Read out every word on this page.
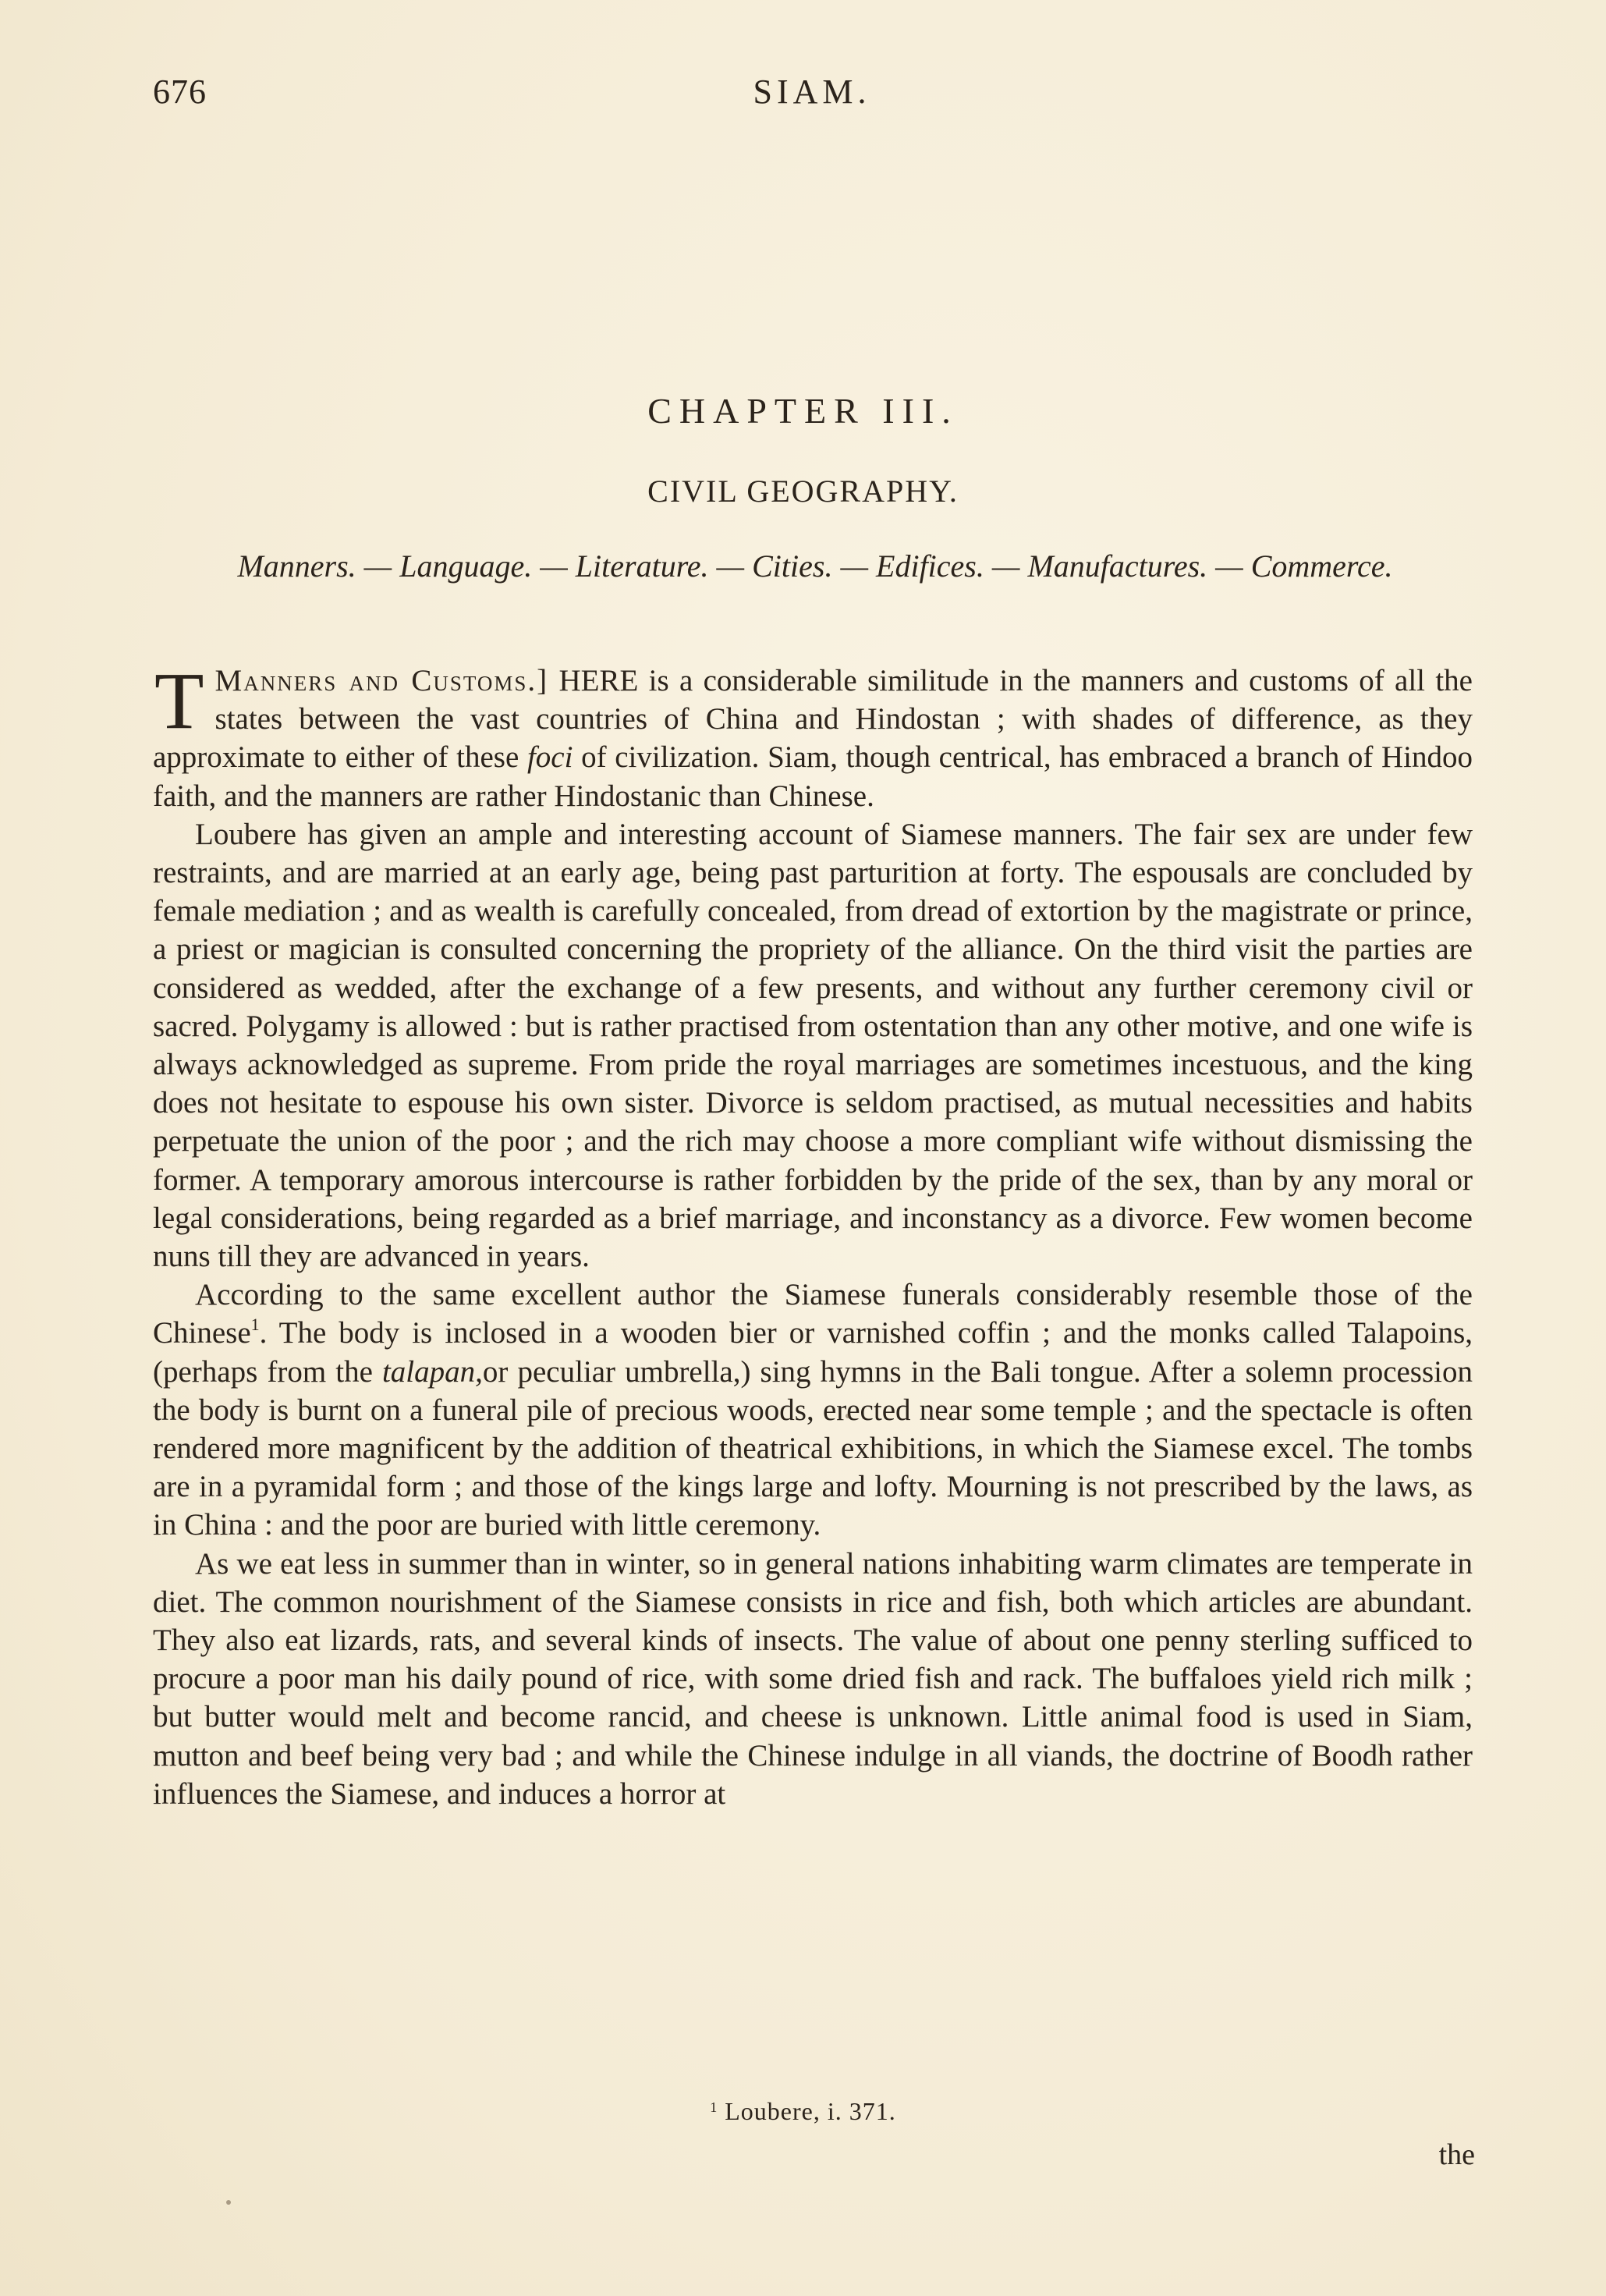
676	SIAM.
CHAPTER III.
CIVIL GEOGRAPHY.
Manners. — Language. — Literature. — Cities. — Edifices. — Manufactures. — Commerce.

Manners and Customs.]
T	HERE is a considerable similitude in the manners and customs of all the states between the vast countries of China and Hindostan ; with shades of difference, as they approximate to either of these foci of civilization. Siam, though centrical, has embraced a branch of Hindoo faith, and the manners are rather Hindostanic than Chinese.

Loubere has given an ample and interesting account of Siamese manners. The fair sex are under few restraints, and are married at an early age, being past parturition at forty. The espousals are concluded by female mediation ; and as wealth is carefully concealed, from dread of extortion by the magistrate or prince, a priest or magician is consulted concerning the propriety of the alliance. On the third visit the parties are considered as wedded, after the exchange of a few presents, and without any further ceremony civil or sacred. Polygamy is allowed : but is rather practised from ostentation than any other motive, and one wife is always acknowledged as supreme. From pride the royal marriages are sometimes incestuous, and the king does not hesitate to espouse his own sister. Divorce is seldom practised, as mutual necessities and habits perpetuate the union of the poor ; and the rich may choose a more compliant wife without dismissing the former. A temporary amorous intercourse is rather forbidden by the pride of the sex, than by any moral or legal considerations, being regarded as a brief marriage, and inconstancy as a divorce. Few women become nuns till they are advanced in years.

According to the same excellent author the Siamese funerals considerably resemble those of the Chinese$^1$. The body is inclosed in a wooden bier or varnished coffin ; and the monks called Talapoins, (perhaps from the talapan,or peculiar umbrella,) sing hymns in the Bali tongue. After a solemn procession the body is burnt on a funeral pile of precious woods, erected near some temple ; and the spectacle is often rendered more magnificent by the addition of theatrical exhibitions, in which the Siamese excel. The tombs are in a pyramidal form ; and those of the kings large and lofty. Mourning is not prescribed by the laws, as in China : and the poor are buried with little ceremony.

As we eat less in summer than in winter, so in general nations inhabiting warm climates are temperate in diet. The common nourishment of the Siamese consists in rice and fish, both which articles are abundant. They also eat lizards, rats, and several kinds of insects. The value of about one penny sterling sufficed to procure a poor man his daily pound of rice, with some dried fish and rack. The buffaloes yield rich milk ; but butter would melt and become rancid, and cheese is unknown. Little animal food is used in Siam, mutton and beef being very bad ; and while the Chinese indulge in all viands, the doctrine of Boodh rather influences the Siamese, and induces a horror at

$^1$ Loubere, i. 371.
the
